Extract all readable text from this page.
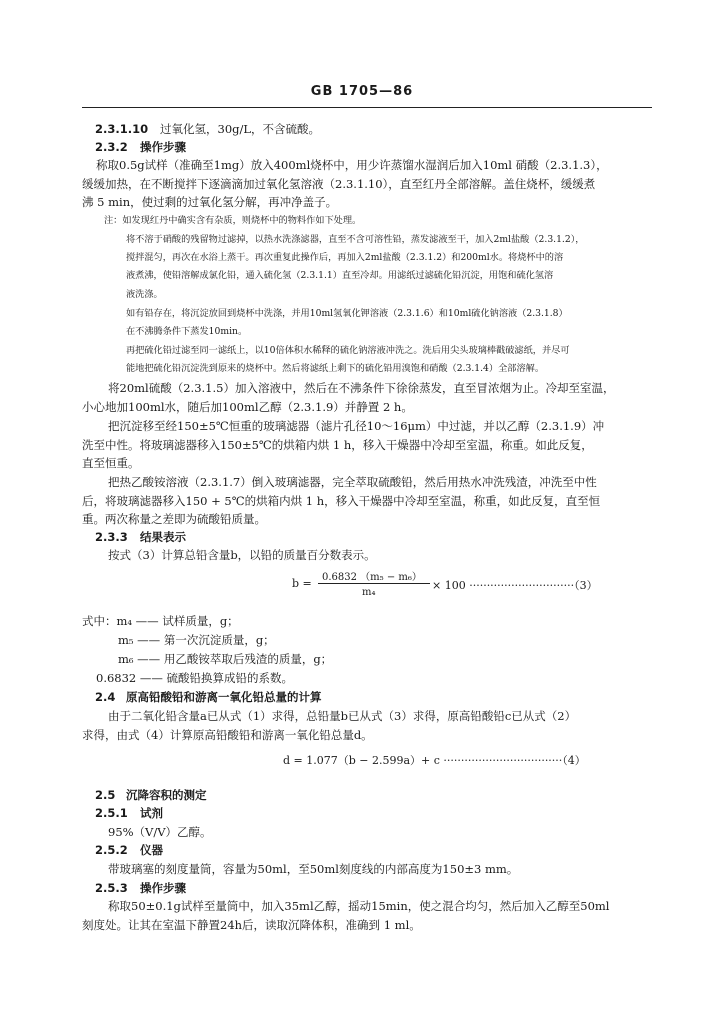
GB 1705—86
2.3.1.10 过氧化氢，30g/L，不含硫酸。
2.3.2 操作步骤
称取0.5g试样（准确至1mg）放入400ml烧杯中，用少许蒸馏水湿润后加入10ml 硝酸（2.3.1.3），
缓缓加热，在不断搅拌下逐滴滴加过氧化氢溶液（2.3.1.10），直至红丹全部溶解。盖住烧杯，缓缓煮
沸 5 min，使过剩的过氧化氢分解，再冲净盖子。
注：如发现红丹中确实含有杂质，则烧杯中的物料作如下处理。
将不溶于硝酸的残留物过滤掉，以热水洗涤滤器，直至不含可溶性铅，蒸发滤液至干，加入2ml盐酸（2.3.1.2），
搅拌混匀，再次在水浴上蒸干。再次重复此操作后，再加入2ml盐酸（2.3.1.2）和200ml水。将烧杯中的溶
液煮沸，使铅溶解成氯化铅，通入硫化氢（2.3.1.1）直至冷却。用滤纸过滤硫化铅沉淀，用饱和硫化氢溶
液洗涤。
如有铅存在，将沉淀放回到烧杯中洗涤，并用10ml氢氧化钾溶液（2.3.1.6）和10ml硫化钠溶液（2.3.1.8）
在不沸腾条件下蒸发10min。
再把硫化铅过滤至同一滤纸上，以10倍体积水稀释的硫化钠溶液冲洗之。洗后用尖头玻璃棒戳破滤纸，并尽可
能地把硫化铅沉淀洗到原来的烧杯中。然后将滤纸上剩下的硫化铅用溴饱和硝酸（2.3.1.4）全部溶解。
将20ml硫酸（2.3.1.5）加入溶液中，然后在不沸条件下徐徐蒸发，直至冒浓烟为止。冷却至室温，
小心地加100ml水，随后加100ml乙醇（2.3.1.9）并静置 2 h。
把沉淀移至经150±5℃恒重的玻璃滤器（滤片孔径10～16μm）中过滤，并以乙醇（2.3.1.9）冲
洗至中性。将玻璃滤器移入150±5℃的烘箱内烘 1 h，移入干燥器中冷却至室温，称重。如此反复，
直至恒重。
把热乙酸铵溶液（2.3.1.7）倒入玻璃滤器，完全萃取硫酸铅，然后用热水冲洗残渣，冲洗至中性
后，将玻璃滤器移入150 + 5℃的烘箱内烘 1 h，移入干燥器中冷却至室温，称重，如此反复，直至恒
重。两次称量之差即为硫酸铅质量。
2.3.3 结果表示
按式（3）计算总铅含量b，以铅的质量百分数表示。
b = 0.6832 （m₅ − m₆）
m₄
× 100 ······························（3）
式中：m₄ —— 试样质量，g；
m₅ —— 第一次沉淀质量，g；
m₆ —— 用乙酸铵萃取后残渣的质量，g；
0.6832 —— 硫酸铅换算成铅的系数。
2.4 原高铅酸铅和游离一氧化铅总量的计算
由于二氧化铅含量a已从式（1）求得，总铅量b已从式（3）求得，原高铅酸铅c已从式（2）
求得，由式（4）计算原高铅酸铅和游离一氧化铅总量d。
d = 1.077（b − 2.599a）+ c ··································（4）
2.5 沉降容积的测定
2.5.1 试剂
95%（V/V）乙醇。
2.5.2 仪器
带玻璃塞的刻度量筒，容量为50ml，至50ml刻度线的内部高度为150±3 mm。
2.5.3 操作步骤
称取50±0.1g试样至量筒中，加入35ml乙醇，摇动15min，使之混合均匀，然后加入乙醇至50ml
刻度处。让其在室温下静置24h后，读取沉降体积，准确到 1 ml。
